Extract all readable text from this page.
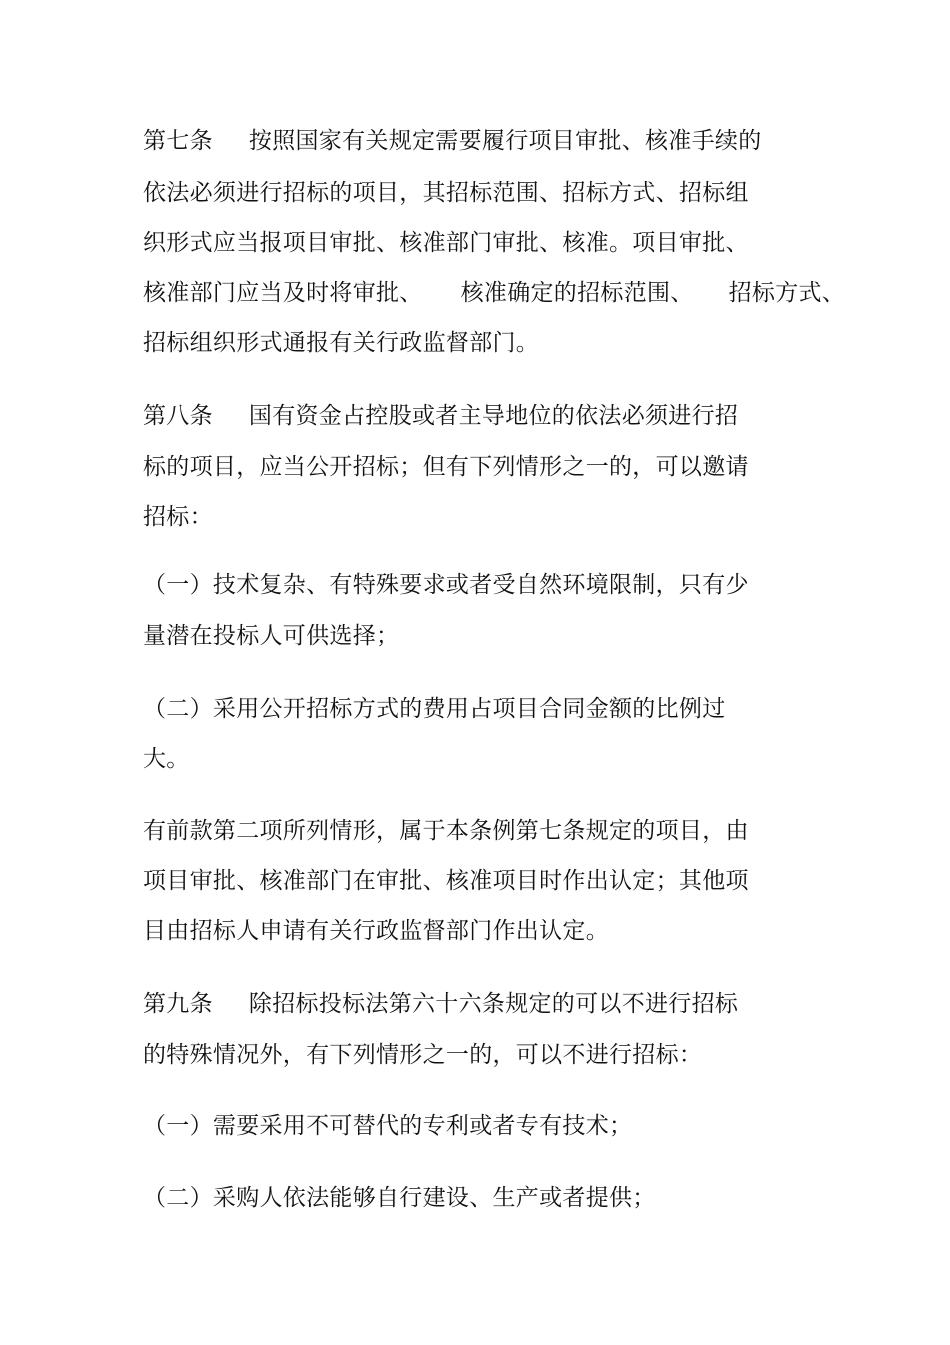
第七条 按照国家有关规定需要履行项目审批、核准手续的
依法必须进行招标的项目，其招标范围、招标方式、招标组
织形式应当报项目审批、核准部门审批、核准。项目审批、
核准部门应当及时将审批、 核准确定的招标范围、 招标方式、
招标组织形式通报有关行政监督部门。
第八条 国有资金占控股或者主导地位的依法必须进行招
标的项目，应当公开招标；但有下列情形之一的，可以邀请
招标：
（一）技术复杂、有特殊要求或者受自然环境限制，只有少
量潜在投标人可供选择；
（二）采用公开招标方式的费用占项目合同金额的比例过
大。
有前款第二项所列情形，属于本条例第七条规定的项目，由
项目审批、核准部门在审批、核准项目时作出认定；其他项
目由招标人申请有关行政监督部门作出认定。
第九条 除招标投标法第六十六条规定的可以不进行招标
的特殊情况外，有下列情形之一的，可以不进行招标：
（一）需要采用不可替代的专利或者专有技术；
（二）采购人依法能够自行建设、生产或者提供；
